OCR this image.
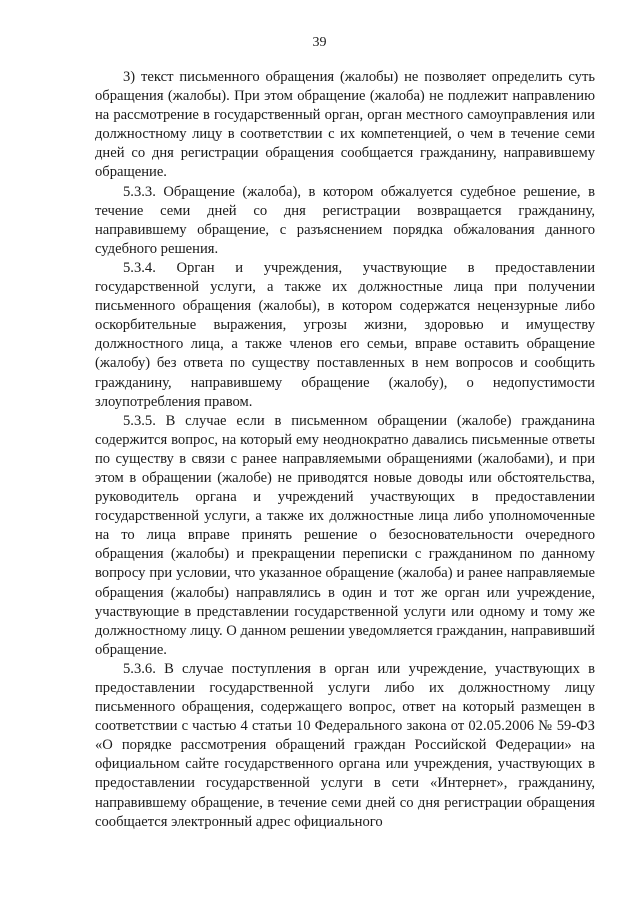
39

3) текст письменного обращения (жалобы) не позволяет определить суть обращения (жалобы). При этом обращение (жалоба) не подлежит направлению на рассмотрение в государственный орган, орган местного самоуправления или должностному лицу в соответствии с их компетенцией, о чем в течение семи дней со дня регистрации обращения сообщается гражданину, направившему обращение.

5.3.3. Обращение (жалоба), в котором обжалуется судебное решение, в течение семи дней со дня регистрации возвращается гражданину, направившему обращение, с разъяснением порядка обжалования данного судебного решения.

5.3.4. Орган и учреждения, участвующие в предоставлении государственной услуги, а также их должностные лица при получении письменного обращения (жалобы), в котором содержатся нецензурные либо оскорбительные выражения, угрозы жизни, здоровью и имуществу должностного лица, а также членов его семьи, вправе оставить обращение (жалобу) без ответа по существу поставленных в нем вопросов и сообщить гражданину, направившему обращение (жалобу), о недопустимости злоупотребления правом.

5.3.5. В случае если в письменном обращении (жалобе) гражданина содержится вопрос, на который ему неоднократно давались письменные ответы по существу в связи с ранее направляемыми обращениями (жалобами), и при этом в обращении (жалобе) не приводятся новые доводы или обстоятельства, руководитель органа и учреждений участвующих в предоставлении государственной услуги, а также их должностные лица либо уполномоченные на то лица вправе принять решение о безосновательности очередного обращения (жалобы) и прекращении переписки с гражданином по данному вопросу при условии, что указанное обращение (жалоба) и ранее направляемые обращения (жалобы) направлялись в один и тот же орган или учреждение, участвующие в представлении государственной услуги или одному и тому же должностному лицу. О данном решении уведомляется гражданин, направивший обращение.

5.3.6. В случае поступления в орган или учреждение, участвующих в предоставлении государственной услуги либо их должностному лицу письменного обращения, содержащего вопрос, ответ на который размещен в соответствии с частью 4 статьи 10 Федерального закона от 02.05.2006 № 59-ФЗ «О порядке рассмотрения обращений граждан Российской Федерации» на официальном сайте государственного органа или учреждения, участвующих в предоставлении государственной услуги в сети «Интернет», гражданину, направившему обращение, в течение семи дней со дня регистрации обращения сообщается электронный адрес официального
